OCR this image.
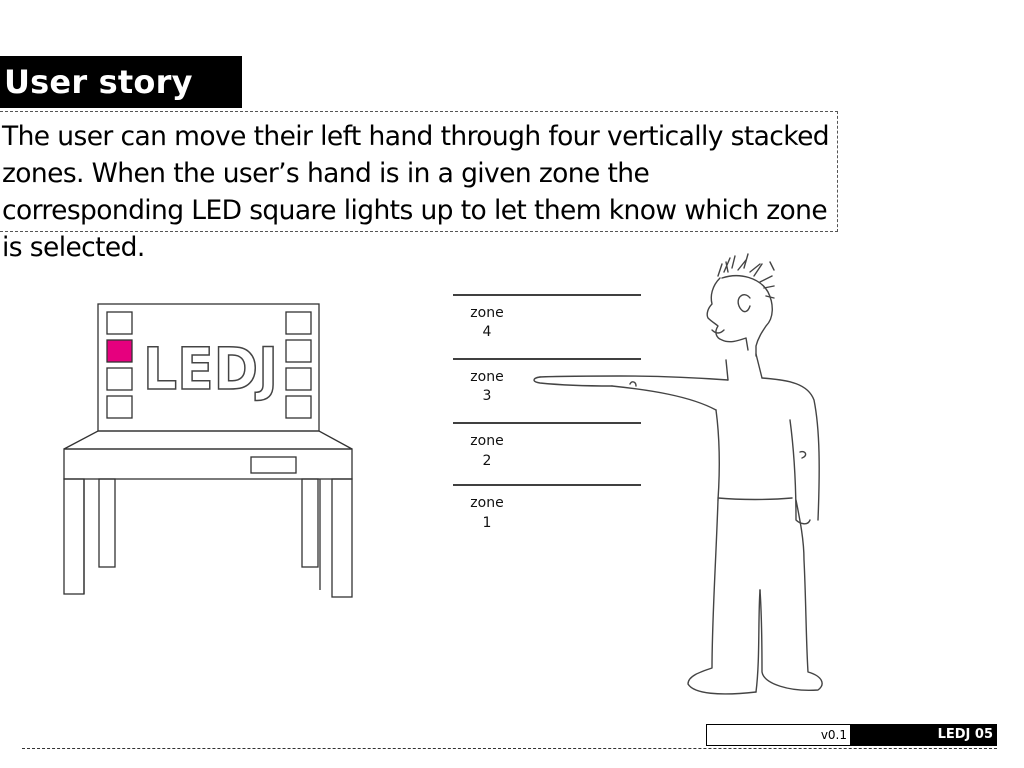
User story
The user can move their left hand through four vertically stacked zones. When the user’s hand is in a given zone the corresponding LED square lights up to let them know which zone is selected.
LEDJ
zone
4
zone
3
zone
2
zone
1
v0.1	LEDJ 05
